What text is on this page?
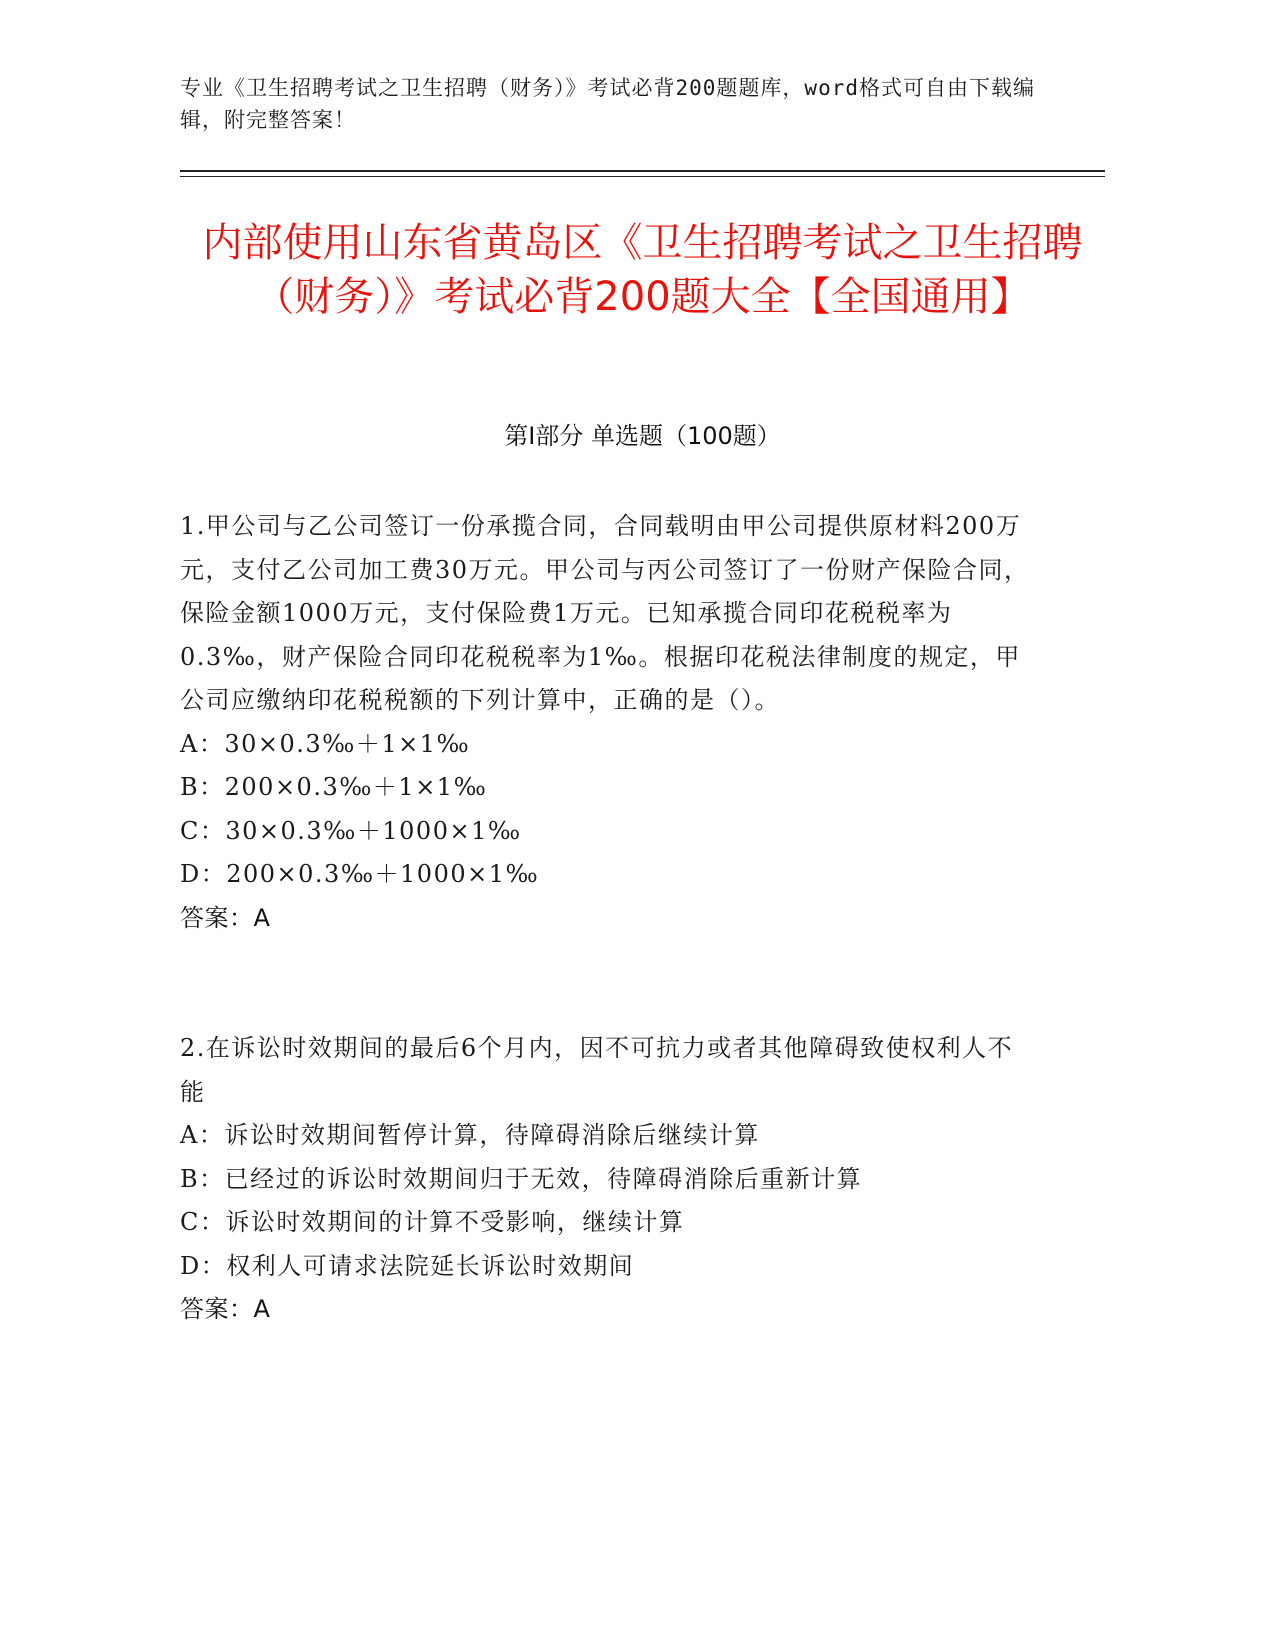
专业《卫生招聘考试之卫生招聘（财务）》考试必背200题题库，word格式可自由下载编辑，附完整答案！
内部使用山东省黄岛区《卫生招聘考试之卫生招聘（财务）》考试必背200题大全【全国通用】
第Ⅰ部分 单选题（100题）

1.甲公司与乙公司签订一份承揽合同，合同载明由甲公司提供原材料200万元，支付乙公司加工费30万元。甲公司与丙公司签订了一份财产保险合同，保险金额1000万元，支付保险费1万元。已知承揽合同印花税税率为0.3‰，财产保险合同印花税税率为1‰。根据印花税法律制度的规定，甲公司应缴纳印花税税额的下列计算中，正确的是（）。

A：30×0.3‰＋1×1‰

B：200×0.3‰＋1×1‰

C：30×0.3‰＋1000×1‰

D：200×0.3‰＋1000×1‰

答案：A

2.在诉讼时效期间的最后6个月内，因不可抗力或者其他障碍致使权利人不能

A：诉讼时效期间暂停计算，待障碍消除后继续计算

B：已经过的诉讼时效期间归于无效，待障碍消除后重新计算

C：诉讼时效期间的计算不受影响，继续计算

D：权利人可请求法院延长诉讼时效期间

答案：A
